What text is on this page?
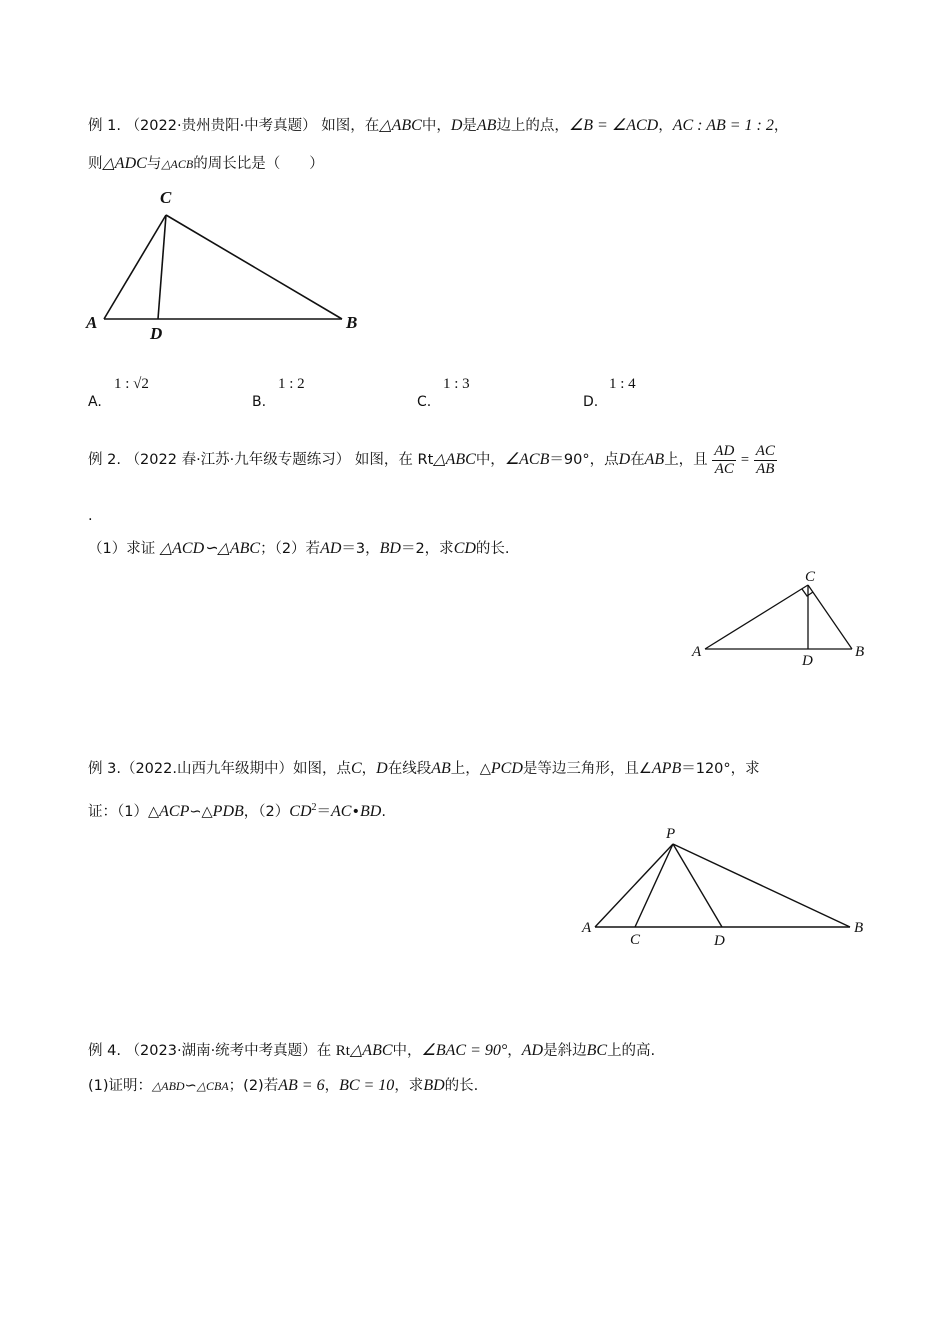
例 1. （2022·贵州贵阳·中考真题） 如图，在△ABC中，D是AB边上的点，∠B = ∠ACD，AC : AB = 1 : 2，
则△ADC与△ACB的周长比是（　　）
C
A
D
B
A.
1 : √2
B.
1 : 2
C.
1 : 3
D.
1 : 4
例 2. （2022 春·江苏·九年级专题练习） 如图，在 Rt△ABC中，∠ACB＝90°，点D在AB上，且 $\frac{AD}{AC} = \frac{AC}{AB}$
.
（1）求证 △ACD∽△ABC；（2）若AD＝3，BD＝2，求CD的长.
C
A
D
B
例 3.（2022.山西九年级期中）如图，点C，D在线段AB上，△PCD是等边三角形，且∠APB＝120°，求
证：（1）△ACP∽△PDB，$(2)CD^2=AC•BD$.
P
A
C	D
B
例 4. （2023·湖南·统考中考真题）在 Rt△ABC中，∠BAC = 90°，AD是斜边BC上的高.
(1)证明：△ABD∽△CBA；(2)若AB = 6，BC = 10，求BD的长.
